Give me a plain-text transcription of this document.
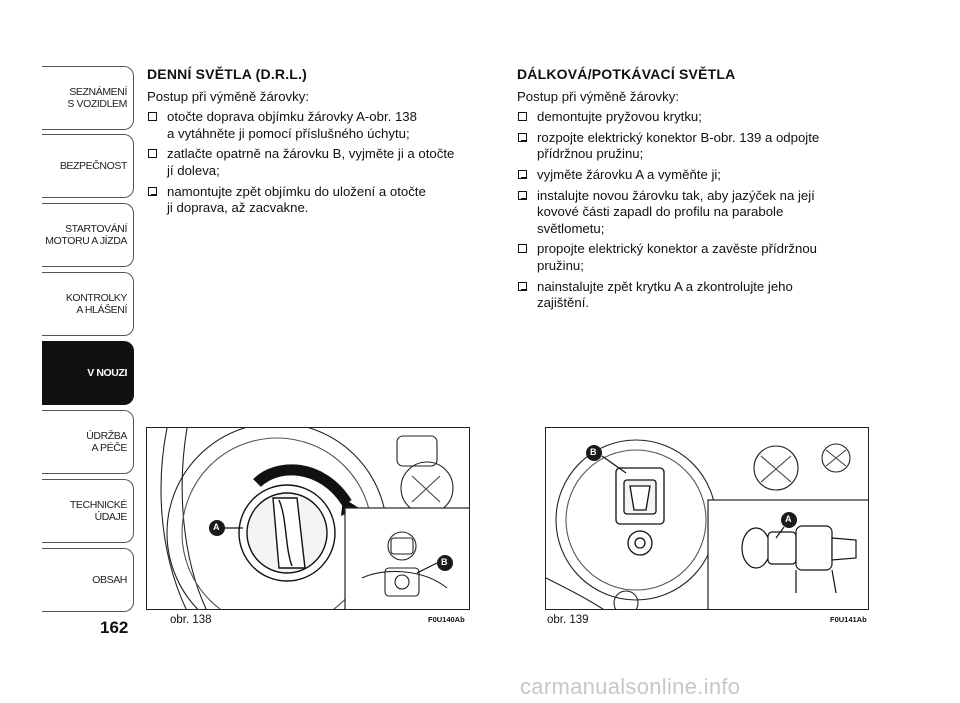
SEZNÁMENÍ
S VOZIDLEM
BEZPEČNOST
STARTOVÁNÍ
MOTORU A JÍZDA
KONTROLKY
A HLÁŠENÍ
V NOUZI
ÚDRŽBA
A PÉČE
TECHNICKÉ
ÚDAJE
OBSAH
162
DENNÍ SVĚTLA (D.R.L.)

Postup při výměně žárovky:

otočte doprava objímku žárovky A-obr. 138
a vytáhněte ji pomocí příslušného úchytu;
zatlačte opatrně na žárovku B, vyjměte ji a otočte
jí doleva;
namontujte zpět objímku do uložení a otočte
ji doprava, až zacvakne.
DÁLKOVÁ/POTKÁVACÍ SVĚTLA

Postup při výměně žárovky:

demontujte pryžovou krytku;
rozpojte elektrický konektor B-obr. 139 a odpojte
přídržnou pružinu;
vyjměte žárovku A a vyměňte ji;
instalujte novou žárovku tak, aby jazýček na její
kovové části zapadl do profilu na parabole
světlometu;
propojte elektrický konektor a zavěste přídržnou
pružinu;
nainstalujte zpět krytku A a zkontrolujte jeho
zajištění.
A
B
obr. 138	F0U140Ab
B
A
obr. 139	F0U141Ab
carmanualsonline.info
